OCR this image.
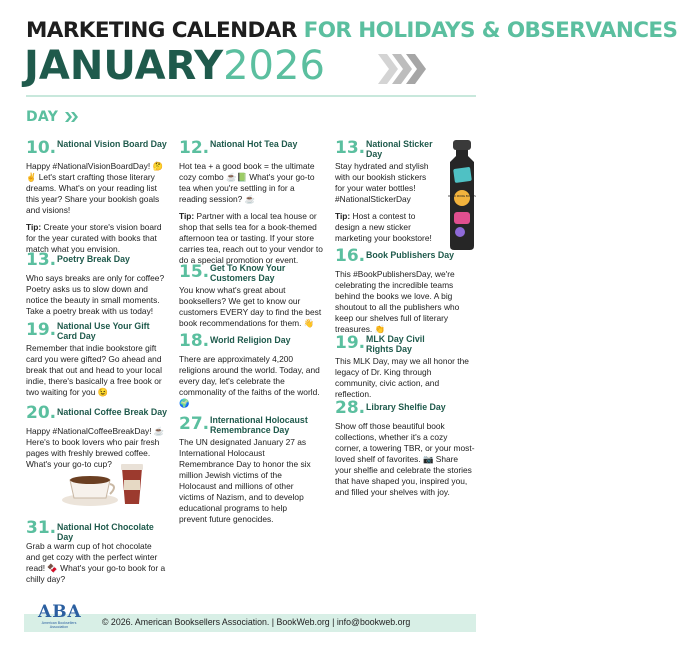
MARKETING CALENDAR FOR HOLIDAYS & OBSERVANCES
JANUARY2026
DAY
10. National Vision Board Day

Happy #NationalVisionBoardDay! 🤔 ✌️ Let's start crafting those literary dreams. What's on your reading list this year? Share your bookish goals and visions!

Tip: Create your store's vision board for the year curated with books that match what you envision.

13. Poetry Break Day

Who says breaks are only for coffee? Poetry asks us to slow down and notice the beauty in small moments. Take a poetry break with us today!

19. National Use Your Gift Card Day

Remember that indie bookstore gift card you were gifted? Go ahead and break that out and head to your local indie, there's basically a free book or two waiting for you 😉

20. National Coffee Break Day

Happy #NationalCoffeeBreakDay! ☕ Here's to book lovers who pair fresh pages with freshly brewed coffee. What's your go-to cup?

31. National Hot Chocolate Day

Grab a warm cup of hot chocolate and get cozy with the perfect winter read! 🍫 What's your go-to book for a chilly day?

12. National Hot Tea Day

Hot tea + a good book = the ultimate cozy combo ☕📗 What's your go-to tea when you're settling in for a reading session? ☕

Tip: Partner with a local tea house or shop that sells tea for a book-themed afternoon tea or tasting. If your store carries tea, reach out to your vendor to do a special promotion or event.

15. Get To Know Your Customers Day

You know what's great about booksellers? We get to know our customers EVERY day to find the best book recommendations for them. 👋

18. World Religion Day

There are approximately 4,200 religions around the world. Today, and every day, let's celebrate the commonality of the faiths of the world. 🌍

27. International Holocaust Remembrance Day

The UN designated January 27 as International Holocaust Remembrance Day to honor the six million Jewish victims of the Holocaust and millions of other victims of Nazism, and to develop educational programs to help prevent future genocides.

13. National Sticker Day

Stay hydrated and stylish with our bookish stickers for your water bottles! #NationalStickerDay

Tip: Host a contest to design a new sticker marketing your bookstore!

READ MORE BOOKS
16. Book Publishers Day

This #BookPublishersDay, we're celebrating the incredible teams behind the books we love. A big shoutout to all the publishers who keep our shelves full of literary treasures. 👏

19. MLK Day Civil Rights Day

This MLK Day, may we all honor the legacy of Dr. King through community, civic action, and reflection.

28. Library Shelfie Day

Show off those beautiful book collections, whether it's a cozy corner, a towering TBR, or your most-loved shelf of favorites. 📷 Share your shelfie and celebrate the stories that have shaped you, inspired you, and filled your shelves with joy.

© 2026. American Booksellers Association. | BookWeb.org | info@bookweb.org
ABA
American Booksellers Association
